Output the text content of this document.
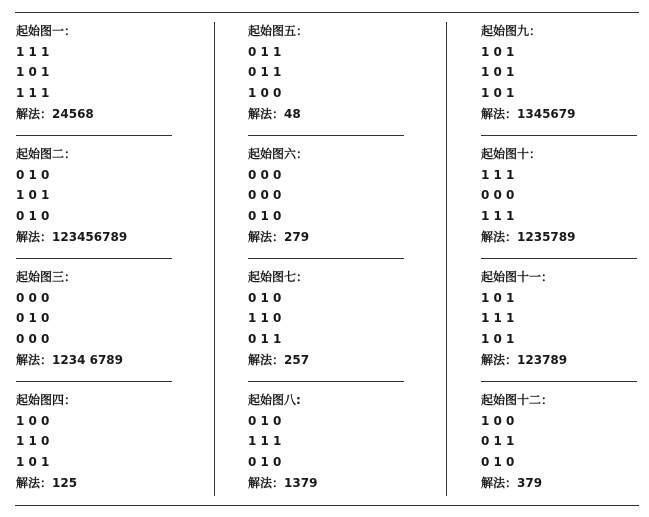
起始图一：
1 1 1
1 0 1
1 1 1
解法：24568
起始图二：
0 1 0
1 0 1
0 1 0
解法：123456789
起始图三：
0 0 0
0 1 0
0 0 0
解法：1234 6789
起始图四：
1 0 0
1 1 0
1 0 1
解法：125
起始图五：
0 1 1
0 1 1
1 0 0
解法：48
起始图六：
0 0 0
0 0 0
0 1 0
解法：279
起始图七：
0 1 0
1 1 0
0 1 1
解法：257
起始图八:
0 1 0
1 1 1
0 1 0
解法：1379
起始图九：
1 0 1
1 0 1
1 0 1
解法：1345679
起始图十：
1 1 1
0 0 0
1 1 1
解法：1235789
起始图十一：
1 0 1
1 1 1
1 0 1
解法：123789
起始图十二：
1 0 0
0 1 1
0 1 0
解法：379
